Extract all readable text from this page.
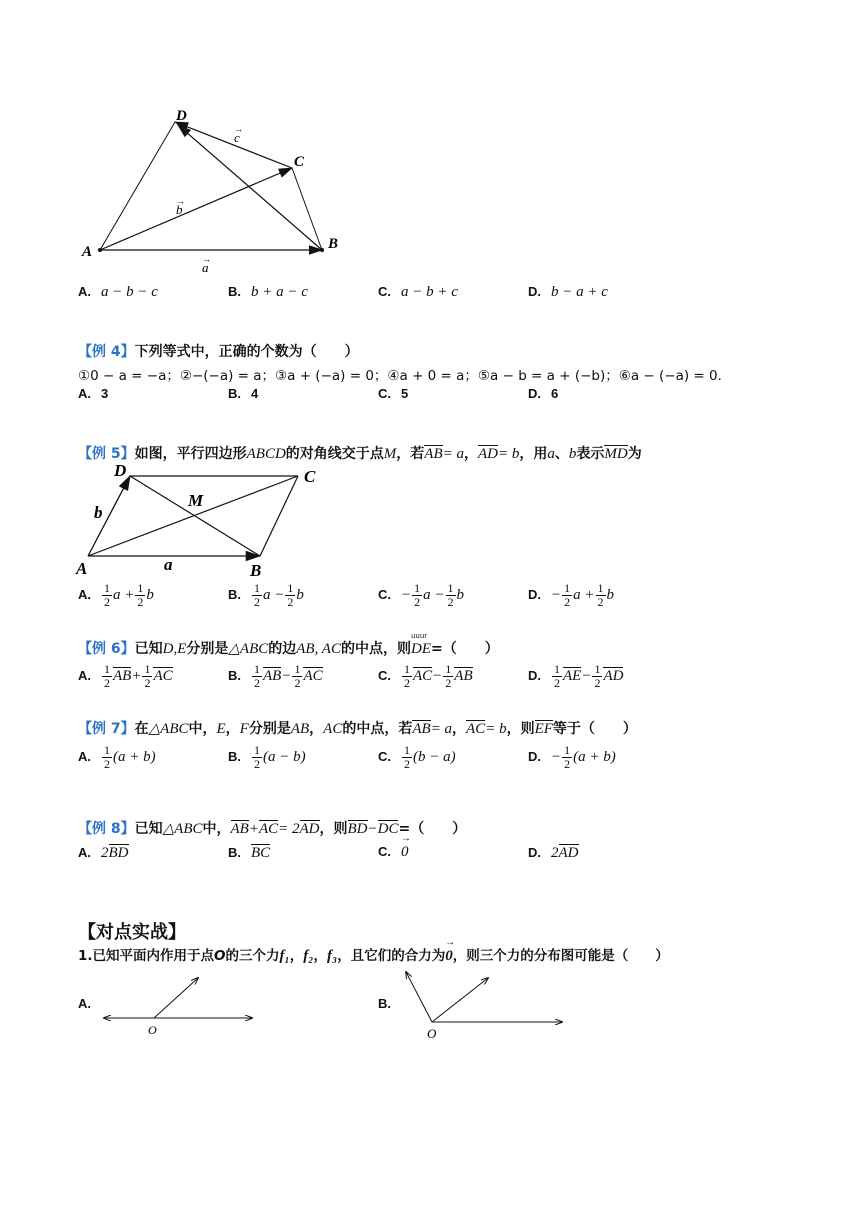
D
C
A	B
a
→
b
→
c
→
A. a − b − c	B. b + a − c	C. a − b + c	D. b − a + c
【例 4】下列等式中，正确的个数为（　　）
①0 − a = −a；②−(−a) = a；③a + (−a) = 0；④a + 0 = a；⑤a − b = a + (−b)；⑥a − (−a) = 0．
A. 3	B. 4	C. 5	D. 6
【例 5】如图，平行四边形ABCD的对角线交于点M，若AB= a，AD= b，用a、b表示MD为
D	C
M
b
A	a	B
A. $\frac{1}{2}$ $a + \frac{1}{2}$ b	B. $\frac{1}{2}$ $a - \frac{1}{2}$ b	C. − $\frac{1}{2}$ $a - \frac{1}{2}$ b	D. − $\frac{1}{2}$ $a + \frac{1}{2}$ b
【例 6】已知D,E分别是△ABC的边AB, AC的中点，则
uuur
DE=（　　）
A. $\frac{1}{2} AB+ \frac{1}{2}$ AC	B. $\frac{1}{2} AB- \frac{1}{2}$ AC	C. $\frac{1}{2} AC- \frac{1}{2}$ AB	D. $\frac{1}{2} AE- \frac{1}{2}$ AD
【例 7】在△ABC中，E，F分别是AB，AC的中点，若AB= a，AC= b，则EF等于（　　）
A. $\frac{1}{2} (a + b)$	B. $\frac{1}{2} (a - b)$	C. $\frac{1}{2} (b - a)$	D. − $\frac{1}{2} (a + b)$
【例 8】已知△ABC中，AB+AC= 2AD，则BD−DC=（　　）
A. 2BD	B. BC	C.→ 0	D. 2AD
【对点实战】
1.已知平面内作用于点O的三个力f₁，f₂，f₃，且它们的合力为→ 0，则三个力的分布图可能是（　　）
A.
O
B.
O
